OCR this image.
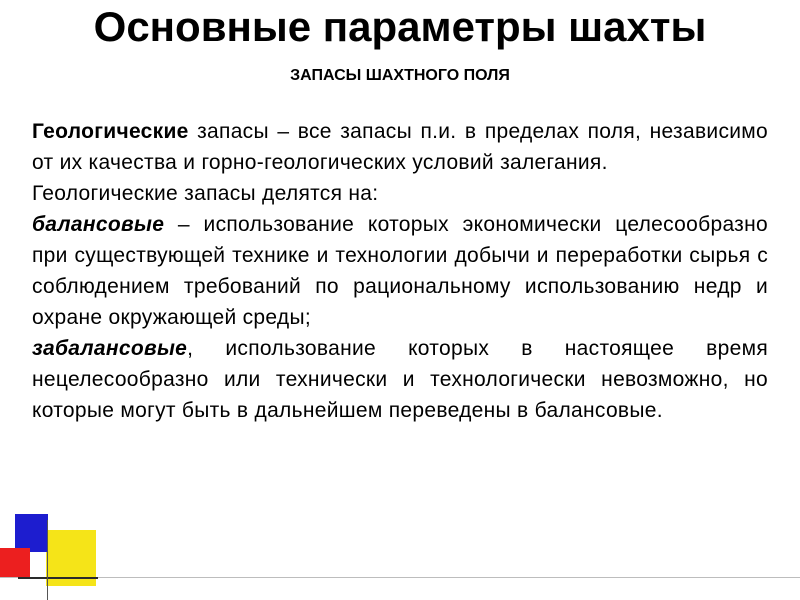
Основные параметры шахты
ЗАПАСЫ ШАХТНОГО ПОЛЯ

Геологические запасы – все запасы п.и. в пределах поля, независимо от их качества и горно-геологических условий залегания.

Геологические запасы делятся на:

балансовые – использование которых экономически целесообразно при существующей технике и технологии добычи и переработки сырья с соблюдением требований по рациональному использованию недр и охране окружающей среды;

забалансовые, использование которых в настоящее время нецелесообразно или технически и технологически невозможно, но которые могут быть в дальнейшем переведены в балансовые.
